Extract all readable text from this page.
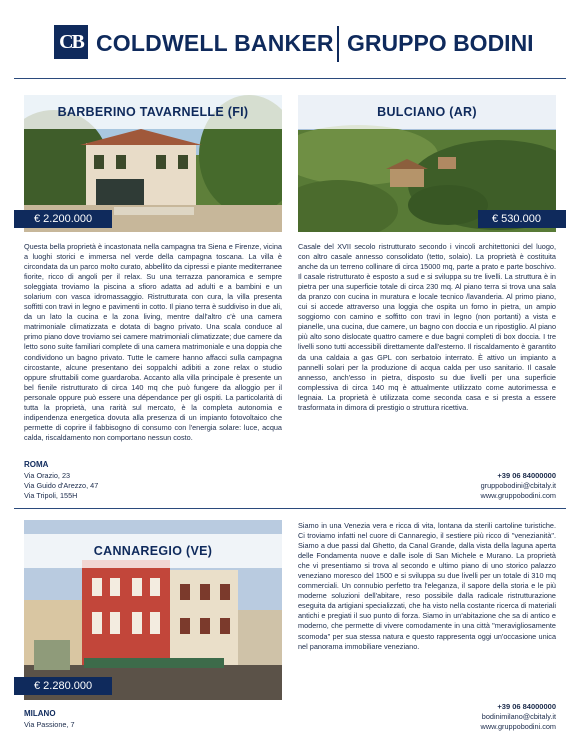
CB COLDWELL BANKER GRUPPO BODINI
BARBERINO TAVARNELLE (FI)
€ 2.200.000
BULCIANO (AR)
€ 530.000
Questa bella proprietà è incastonata nella campagna tra Siena e Firenze, vicina a luoghi storici e immersa nel verde della campagna toscana. La villa è circondata da un parco molto curato, abbellito da cipressi e piante mediterranee fiorite, ricco di angoli per il relax. Su una terrazza panoramica e sempre soleggiata troviamo la piscina a sfioro adatta ad adulti e a bambini e un solarium con vasca idromassaggio. Ristrutturata con cura, la villa presenta soffitti con travi in legno e pavimenti in cotto. Il piano terra è suddiviso in due ali, da un lato la cucina e la zona living, mentre dall'altro c'è una camera matrimoniale climatizzata e dotata di bagno privato. Una scala conduce al primo piano dove troviamo sei camere matrimoniali climatizzate; due camere da letto sono suite familiari complete di una camera matrimoniale e una doppia che condividono un bagno privato. Tutte le camere hanno affacci sulla campagna circostante, alcune presentano dei soppalchi adibiti a zone relax o studio oppure sfruttabili come guardaroba. Accanto alla villa principale è presente un bel fienile ristrutturato di circa 140 mq che può fungere da alloggio per il personale oppure può essere una dépendance per gli ospiti. La particolarità di tutta la proprietà, una rarità sul mercato, è la completa autonomia e indipendenza energetica dovuta alla presenza di un impianto fotovoltaico che permette di coprire il fabbisogno di consumo con l'energia solare: luce, acqua calda, riscaldamento non comportano nessun costo.
Casale del XVII secolo ristrutturato secondo i vincoli architettonici del luogo, con altro casale annesso consolidato (tetto, solaio). La proprietà è costituita anche da un terreno collinare di circa 15000 mq, parte a prato e parte boschivo. Il casale ristrutturato è esposto a sud e si sviluppa su tre livelli. La struttura è in pietra per una superficie totale di circa 230 mq. Al piano terra si trova una sala da pranzo con cucina in muratura e locale tecnico /lavanderia. Al primo piano, cui si accede attraverso una loggia che ospita un forno in pietra, un ampio soggiorno con camino e soffitto con travi in legno (non portanti) a vista e pianelle, una cucina, due camere, un bagno con doccia e un ripostiglio. Al piano più alto sono dislocate quattro camere e due bagni completi di box doccia. I tre livelli sono tutti accessibili direttamente dall'esterno. Il riscaldamento è garantito da una caldaia a gas GPL con serbatoio interrato. È attivo un impianto a pannelli solari per la produzione di acqua calda per uso sanitario. Il casale annesso, anch'esso in pietra, disposto su due livelli per una superficie complessiva di circa 140 mq è attualmente utilizzato come autorimessa e legnaia. La proprietà è utilizzata come seconda casa e si presta a essere trasformata in dimora di prestigio o struttura ricettiva.
ROMA
Via Orazio, 23
Via Guido d'Arezzo, 47
Via Tripoli, 155H
+39 06 84000000
gruppobodini@cbitaly.it
www.gruppobodini.com
CANNAREGIO (VE)
€ 2.280.000
Siamo in una Venezia vera e ricca di vita, lontana da sterili cartoline turistiche. Ci troviamo infatti nel cuore di Cannaregio, il sestiere più ricco di "venezianità". Siamo a due passi dal Ghetto, da Canal Grande, dalla vista della laguna aperta delle Fondamenta nuove e dalle isole di San Michele e Murano. La proprietà che vi presentiamo si trova al secondo e ultimo piano di uno storico palazzo veneziano moresco del 1500 e si sviluppa su due livelli per un totale di 310 mq commerciali. Un connubio perfetto tra l'eleganza, il sapore della storia e le più moderne soluzioni dell'abitare, reso possibile dalla radicale ristrutturazione eseguita da artigiani specializzati, che ha visto nella costante ricerca di materiali antichi e pregiati il suo punto di forza. Siamo in un'abitazione che sa di antico e moderno, che permette di vivere comodamente in una città "meravigliosamente scomoda" per sua stessa natura e questo rappresenta oggi un'occasione unica nel panorama immobiliare veneziano.
MILANO
Via Passione, 7
+39 06 84000000
bodinimilano@cbitaly.it
www.gruppobodini.com
